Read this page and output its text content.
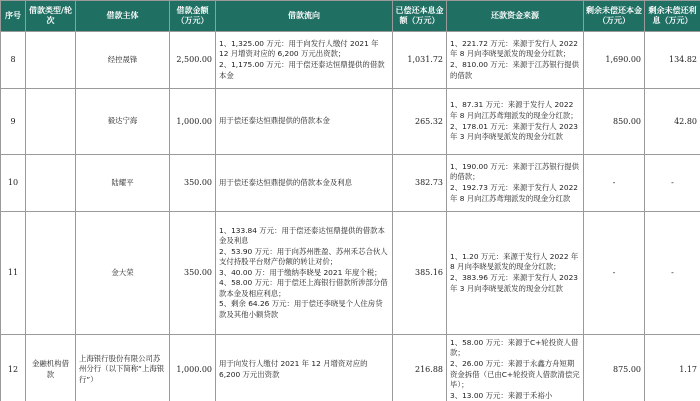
序号	借款类型/轮次	借款主体	借款金额（万元）	借款流向	已偿还本息金额（万元）	还款资金来源	剩余未偿还本金（万元）	剩余未偿还利息（万元）
8		经控晟锋	2,500.00	1、1,325.00 万元：用于向发行人缴付 2021 年 12 月增资对应的 6,200 万元出资款；
2、1,175.00 万元：用于偿还泰达恒鼎提供的借款本金	1,031.72	1、221.72 万元：来源于发行人 2022 年 8 月向李晓旻派发的现金分红款；
2、810.00 万元：来源于江苏银行提供的借款	1,690.00	134.82
9		毅达宁海	1,000.00	用于偿还泰达恒鼎提供的借款本金	265.32	1、87.31 万元：来源于发行人 2022 年 8 月向江苏鸢翔派发的现金分红款；
2、178.01 万元：来源于发行人 2023 年 3 月向李晓旻派发的现金分红款	850.00	42.80
10		陆耀平	350.00	用于偿还泰达恒鼎提供的借款本金及利息	382.73	1、190.00 万元：来源于江苏银行提供的借款；
2、192.73 万元：来源于发行人 2022 年 8 月向江苏鸢翔派发的现金分红款	-	-
11		金大荣	350.00	1、133.84 万元：用于偿还泰达恒鼎提供的借款本金及利息
2、53.90 万元：用于向苏州胜盈、苏州禾芯合伙人支付持股平台财产份额的转让对价；
3、40.00 万：用于缴纳李晓旻 2021 年度个税；
4、58.00 万元：用于偿还上海银行借款所涉部分借款本金及相应利息；
5、剩余 64.26 万元：用于偿还李晓旻个人住房贷款及其他小额贷款	385.16	1、1.20 万元：来源于发行人 2022 年 8 月向李晓旻派发的现金分红款；
2、383.96 万元：来源于发行人 2023 年 3 月向李晓旻派发的现金分红款	-	-
12	金融机构借款	上海银行股份有限公司苏州分行（以下简称“上海银行”）	1,000.00	用于向发行人缴付 2021 年 12 月增资对应的 6,200 万元出资款	216.88	1、58.00 万元：来源于C+轮投资人借款；
2、26.00 万元：来源于永鑫方舟短期资金拆借（已由C+轮投资人借款清偿完毕）；
3、13.00 万元：来源于禾裕小	875.00	1.17
